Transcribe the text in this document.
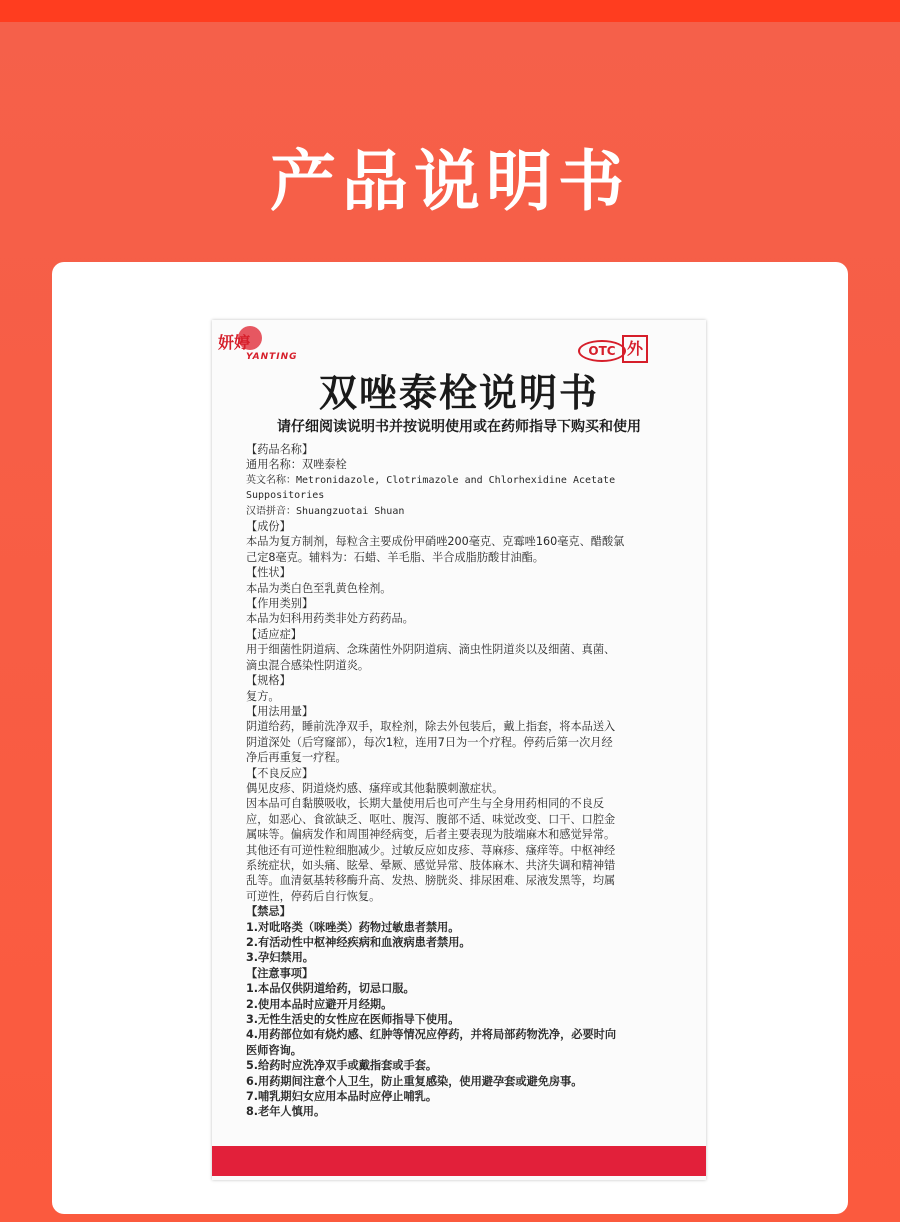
产品说明书
妍婷
YANTING	OTC 外
双唑泰栓说明书
请仔细阅读说明书并按说明使用或在药师指导下购买和使用
【药品名称】
通用名称：双唑泰栓
英文名称：Metronidazole, Clotrimazole and Chlorhexidine Acetate
Suppositories
汉语拼音：Shuangzuotai Shuan
【成份】
本品为复方制剂，每粒含主要成份甲硝唑200毫克、克霉唑160毫克、醋酸氯
己定8毫克。辅料为：石蜡、羊毛脂、半合成脂肪酸甘油酯。
【性状】
本品为类白色至乳黄色栓剂。
【作用类别】
本品为妇科用药类非处方药药品。
【适应症】
用于细菌性阴道病、念珠菌性外阴阴道病、滴虫性阴道炎以及细菌、真菌、
滴虫混合感染性阴道炎。
【规格】
复方。
【用法用量】
阴道给药，睡前洗净双手，取栓剂，除去外包装后，戴上指套，将本品送入
阴道深处（后穹窿部），每次1粒，连用7日为一个疗程。停药后第一次月经
净后再重复一疗程。
【不良反应】
偶见皮疹、阴道烧灼感、瘙痒或其他黏膜刺激症状。
因本品可自黏膜吸收，长期大量使用后也可产生与全身用药相同的不良反
应，如恶心、食欲缺乏、呕吐、腹泻、腹部不适、味觉改变、口干、口腔金
属味等。偏病发作和周围神经病变，后者主要表现为肢端麻木和感觉异常。
其他还有可逆性粒细胞减少。过敏反应如皮疹、荨麻疹、瘙痒等。中枢神经
系统症状，如头痛、眩晕、晕厥、感觉异常、肢体麻木、共济失调和精神错
乱等。血清氨基转移酶升高、发热、膀胱炎、排尿困难、尿液发黑等，均属
可逆性，停药后自行恢复。
【禁忌】
1.对吡咯类（咪唑类）药物过敏患者禁用。
2.有活动性中枢神经疾病和血液病患者禁用。
3.孕妇禁用。
【注意事项】
1.本品仅供阴道给药，切忌口服。
2.使用本品时应避开月经期。
3.无性生活史的女性应在医师指导下使用。
4.用药部位如有烧灼感、红肿等情况应停药，并将局部药物洗净，必要时向
医师咨询。
5.给药时应洗净双手或戴指套或手套。
6.用药期间注意个人卫生，防止重复感染，使用避孕套或避免房事。
7.哺乳期妇女应用本品时应停止哺乳。
8.老年人慎用。
